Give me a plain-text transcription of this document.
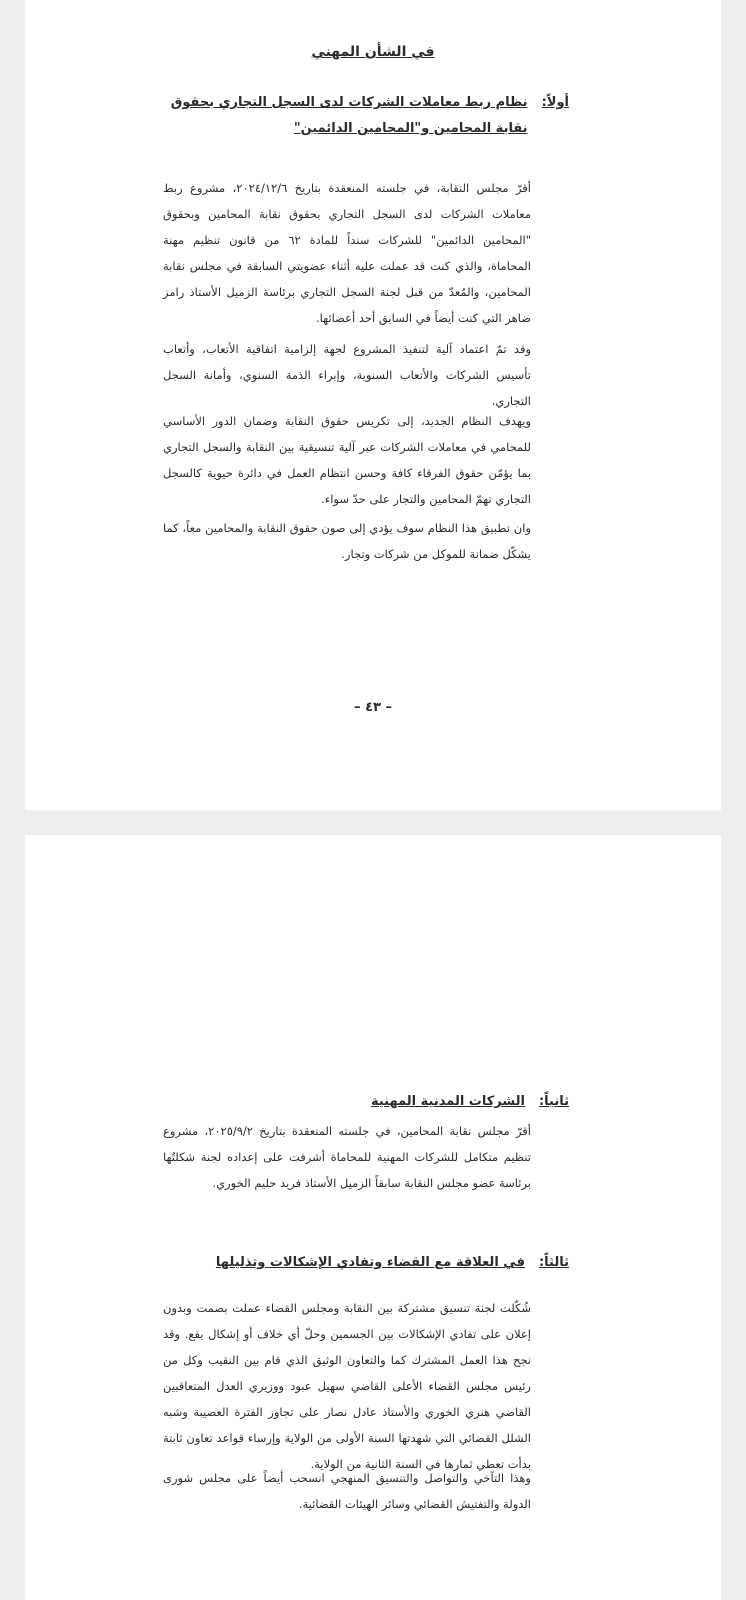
في الشأن المهني
أولاً:
نظام ربط معاملات الشركات لدى السجل التجاري بحقوق نقابة المحامين و"المحامين الدائمين"

أقرّ مجلس النقابة، في جلسته المنعقدة بتاريخ ٢٠٢٤/١٢/٦، مشروع ربط معاملات الشركات لدى السجل التجاري بحقوق نقابة المحامين وبحقوق "المحامين الدائمين" للشركات سنداً للمادة ٦٢ من قانون تنظيم مهنة المحاماة، والذي كنت قد عملت عليه أثناء عضويتي السابقة في مجلس نقابة المحامين، والمُعدّ من قبل لجنة السجل التجاري برئاسة الزميل الأستاذ رامز ضاهر التي كنت أيضاً في السابق أحد أعضائها.

وقد تمّ اعتماد آلية لتنفيذ المشروع لجهة إلزامية اتفاقية الأتعاب، وأتعاب تأسيس الشركات والأتعاب السنوية، وإبراء الذمة السنوي، وأمانة السجل التجاري.

ويهدف النظام الجديد، إلى تكريس حقوق النقابة وضمان الدور الأساسي للمحامي في معاملات الشركات عبر آلية تنسيقية بين النقابة والسجل التجاري بما يؤمّن حقوق الفرقاء كافة وحسن انتظام العمل في دائرة حيوية كالسجل التجاري تهمّ المحامين والتجار على حدّ سواء.

وان تطبيق هذا النظام سوف يؤدي إلى صون حقوق النقابة والمحامين معاً، كما يشكّل ضمانة للموكل من شركات وتجار.

– ٤٣ –
ثانياً:
الشركات المدنية المهنية

أقرّ مجلس نقابة المحامين، في جلسته المنعقدة بتاريخ ٢٠٢٥/٩/٢، مشروع تنظيم متكامل للشركات المهنية للمحاماة أشرفت على إعداده لجنة شكلتُها برئاسة عضو مجلس النقابة سابقاً الزميل الأستاذ فريد حليم الخوري.

ثالثاً:
في العلاقة مع القضاء وتفادي الإشكالات وتذليلها

شُكّلت لجنة تنسيق مشتركة بين النقابة ومجلس القضاء عملت بصمت وبدون إعلان على تفادي الإشكالات بين الجسمين وحلّ أي خلاف أو إشكال يقع. وقد نجح هذا العمل المشترك كما والتعاون الوثيق الذي قام بين النقيب وكل من رئيس مجلس القضاء الأعلى القاضي سهيل عبود ووزيري العدل المتعاقبين القاضي هنري الخوري والأستاذ عادل نصار على تجاوز الفترة العصيبة وشبه الشلل القضائي التي شهدتها السنة الأولى من الولاية وإرساء قواعد تعاون ثابتة بدأت تعطي ثمارها في السنة الثانية من الولاية.

وهذا التآخي والتواصل والتنسيق المنهجي انسحب أيضاً على مجلس شورى الدولة والتفتيش القضائي وسائر الهيئات القضائية.
